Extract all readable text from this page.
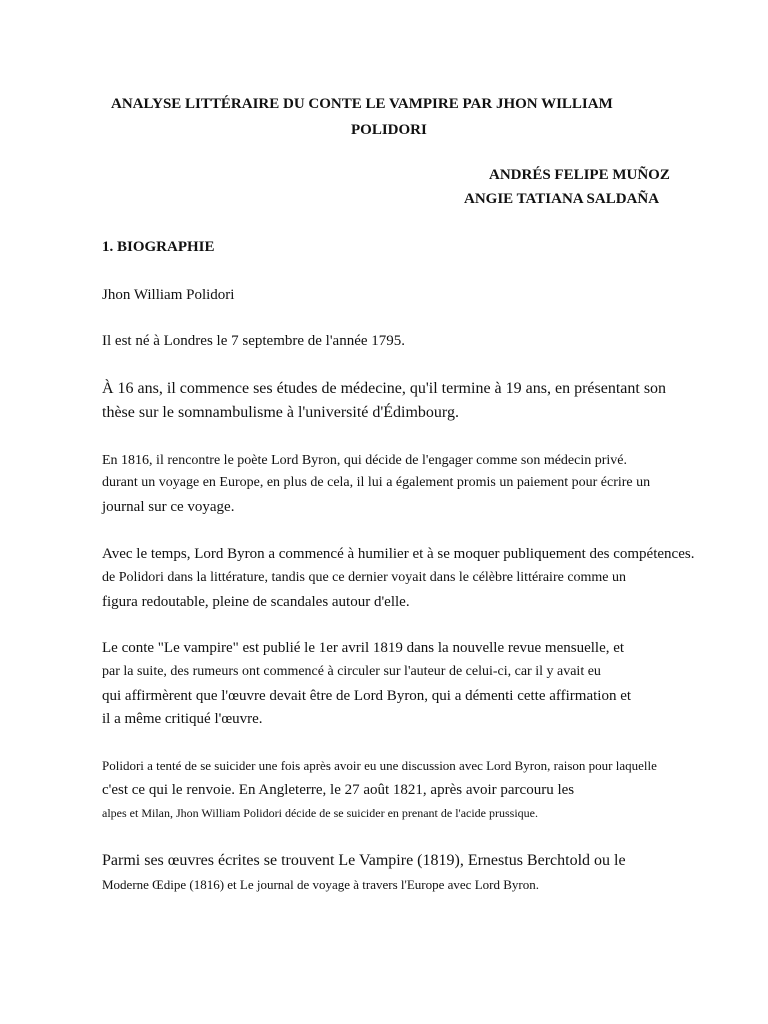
ANALYSE LITTÉRAIRE DU CONTE LE VAMPIRE PAR JHON WILLIAM
POLIDORI
ANDRÉS FELIPE MUÑOZ
ANGIE TATIANA SALDAÑA
1. BIOGRAPHIE
Jhon William Polidori
Il est né à Londres le 7 septembre de l'année 1795.
À 16 ans, il commence ses études de médecine, qu'il termine à 19 ans, en présentant son
thèse sur le somnambulisme à l'université d'Édimbourg.
En 1816, il rencontre le poète Lord Byron, qui décide de l'engager comme son médecin privé.
durant un voyage en Europe, en plus de cela, il lui a également promis un paiement pour écrire un
journal sur ce voyage.
Avec le temps, Lord Byron a commencé à humilier et à se moquer publiquement des compétences.
de Polidori dans la littérature, tandis que ce dernier voyait dans le célèbre littéraire comme un
figura redoutable, pleine de scandales autour d'elle.
Le conte "Le vampire" est publié le 1er avril 1819 dans la nouvelle revue mensuelle, et
par la suite, des rumeurs ont commencé à circuler sur l'auteur de celui-ci, car il y avait eu
qui affirmèrent que l'œuvre devait être de Lord Byron, qui a démenti cette affirmation et
il a même critiqué l'œuvre.
Polidori a tenté de se suicider une fois après avoir eu une discussion avec Lord Byron, raison pour laquelle
c'est ce qui le renvoie. En Angleterre, le 27 août 1821, après avoir parcouru les
alpes et Milan, Jhon William Polidori décide de se suicider en prenant de l'acide prussique.
Parmi ses œuvres écrites se trouvent Le Vampire (1819), Ernestus Berchtold ou le
Moderne Œdipe (1816) et Le journal de voyage à travers l'Europe avec Lord Byron.
